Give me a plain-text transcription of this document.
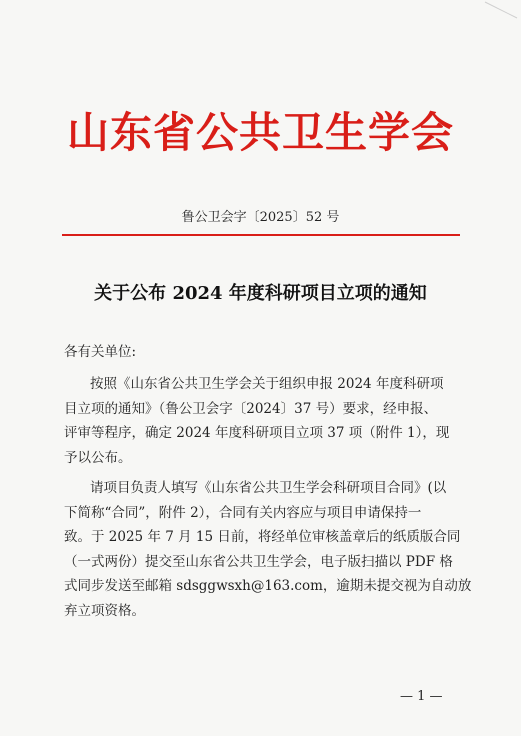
山东省公共卫生学会
鲁公卫会字〔2025〕52 号
关于公布 2024 年度科研项目立项的通知

各有关单位:

按照《山东省公共卫生学会关于组织申报 2024 年度科研项
目立项的通知》（鲁公卫会字〔2024〕37 号）要求，经申报、
评审等程序，确定 2024 年度科研项目立项 37 项（附件 1），现
予以公布。

请项目负责人填写《山东省公共卫生学会科研项目合同》(以
下简称“合同”，附件 2），合同有关内容应与项目申请保持一
致。于 2025 年 7 月 15 日前，将经单位审核盖章后的纸质版合同
（一式两份）提交至山东省公共卫生学会，电子版扫描以 PDF 格
式同步发送至邮箱 sdsggwsxh@163.com，逾期未提交视为自动放
弃立项资格。

— 1 —
